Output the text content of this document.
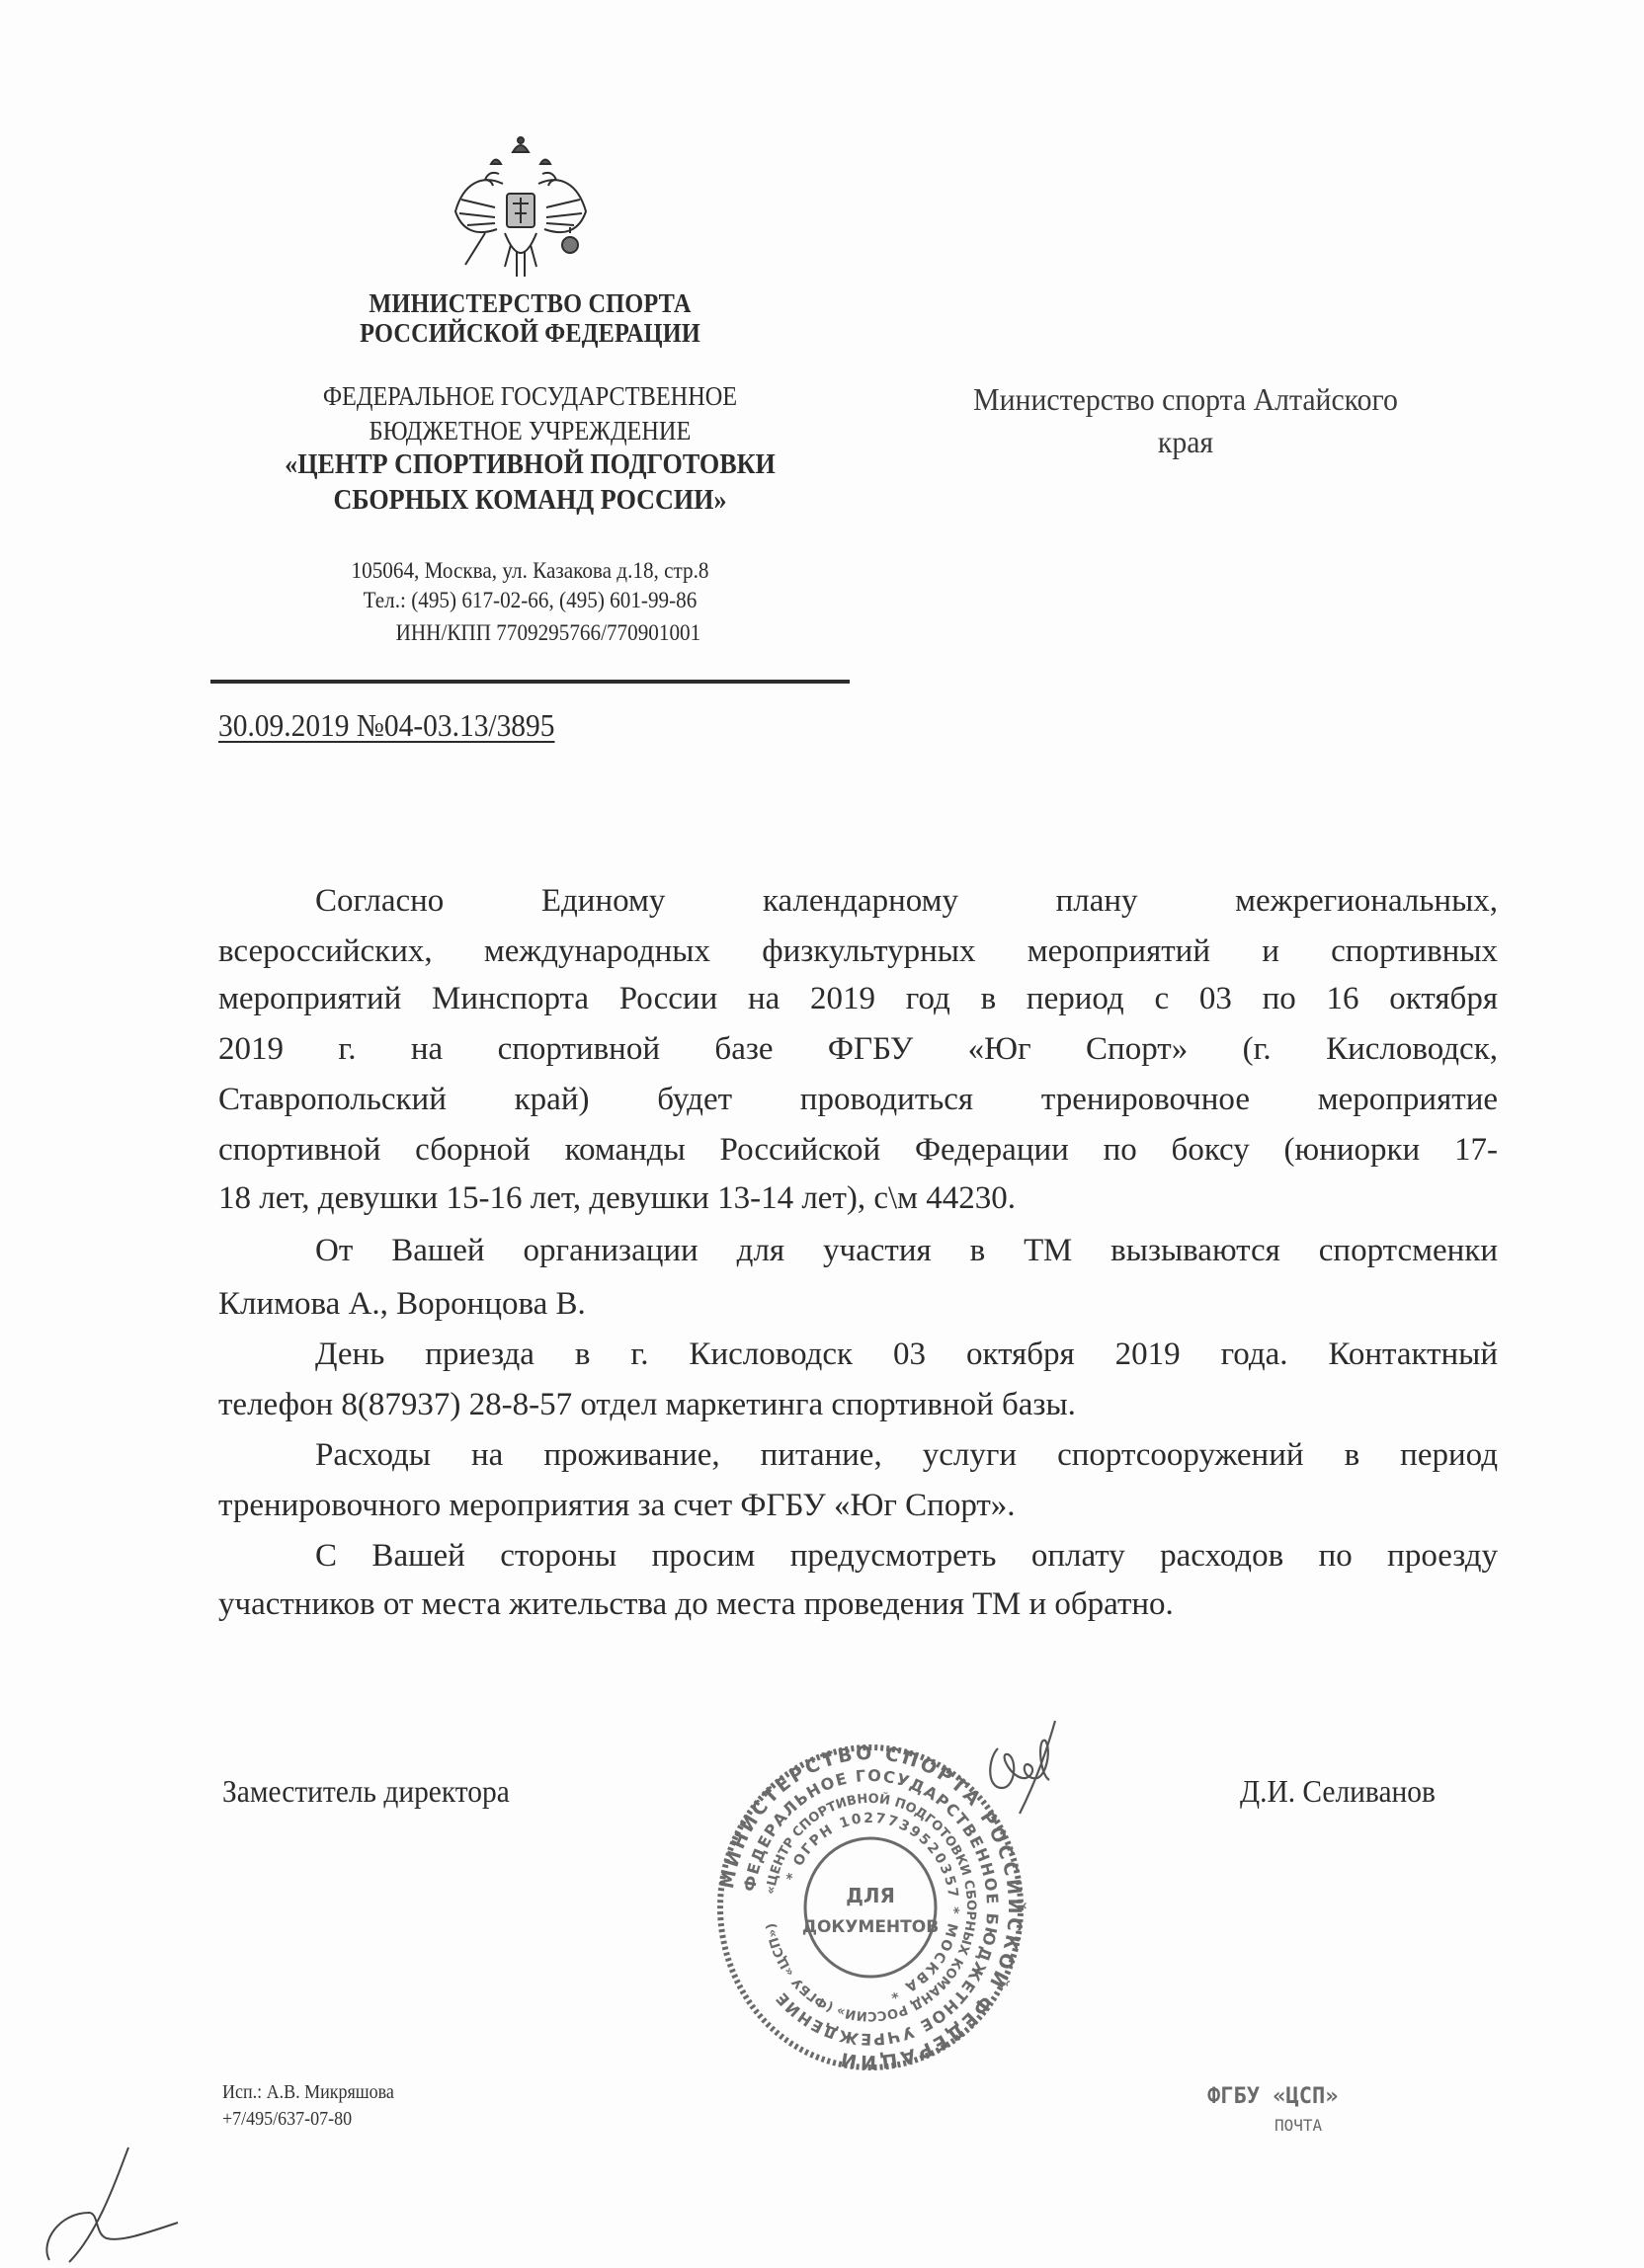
МИНИСТЕРСТВО СПОРТА
РОССИЙСКОЙ ФЕДЕРАЦИИ
ФЕДЕРАЛЬНОЕ ГОСУДАРСТВЕННОЕ
БЮДЖЕТНОЕ УЧРЕЖДЕНИЕ
«ЦЕНТР СПОРТИВНОЙ ПОДГОТОВКИ
СБОРНЫХ КОМАНД РОССИИ»
105064, Москва, ул. Казакова д.18, стр.8
Тел.: (495) 617-02-66, (495) 601-99-86
ИНН/КПП 7709295766/770901001
30.09.2019 №04-03.13/3895
Министерство спорта Алтайского
края
Согласно Единому календарному плану межрегиональных,
всероссийских, международных физкультурных мероприятий и спортивных
мероприятий Минспорта России на 2019 год в период с 03 по 16 октября
2019 г. на спортивной базе ФГБУ «Юг Спорт» (г. Кисловодск,
Ставропольский край) будет проводиться тренировочное мероприятие
спортивной сборной команды Российской Федерации по боксу (юниорки 17-
18 лет, девушки 15-16 лет, девушки 13-14 лет), с\м 44230.
От Вашей организации для участия в ТМ вызываются спортсменки
Климова А., Воронцова В.
День приезда в г. Кисловодск 03 октября 2019 года. Контактный
телефон 8(87937) 28-8-57 отдел маркетинга спортивной базы.
Расходы на проживание, питание, услуги спортсооружений в период
тренировочного мероприятия за счет ФГБУ «Юг Спорт».
С Вашей стороны просим предусмотреть оплату расходов по проезду
участников от места жительства до места проведения ТМ и обратно.
Заместитель директора	Д.И. Селиванов
МИНИСТЕРСТВО СПОРТА РОССИЙСКОЙ ФЕДЕРАЦИИ
ФЕДЕРАЛЬНОЕ ГОСУДАРСТВЕННОЕ БЮДЖЕТНОЕ УЧРЕЖДЕНИЕ
«ЦЕНТР СПОРТИВНОЙ ПОДГОТОВКИ СБОРНЫХ КОМАНД РОССИИ» (ФГБУ «ЦСП»)
* ОГРН 1027739520357 * МОСКВА *
ДЛЯ
ДОКУМЕНТОВ
Исп.: А.В. Микряшова
+7/495/637-07-80
ФГБУ «ЦСП»
ПОЧТА
